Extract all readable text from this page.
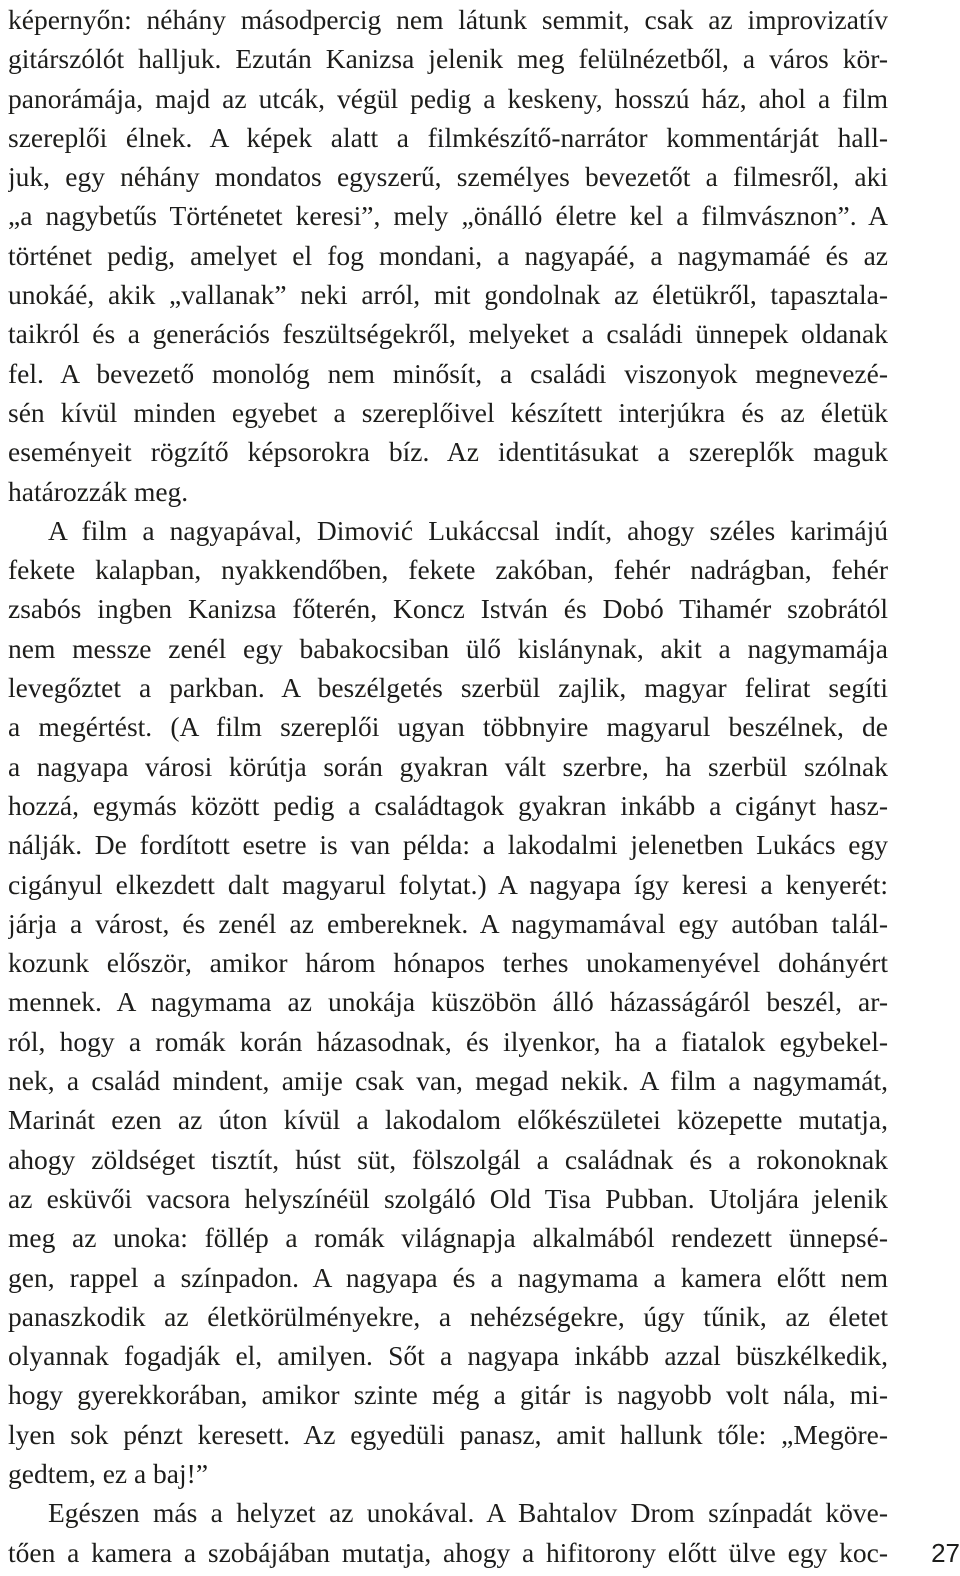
képernyőn: néhány másodpercig nem látunk semmit, csak az improvizatív
gitárszólót halljuk. Ezután Kanizsa jelenik meg felülnézetből, a város kör-
panorámája, majd az utcák, végül pedig a keskeny, hosszú ház, ahol a film
szereplői élnek. A képek alatt a filmkészítő-narrátor kommentárját hall-
juk, egy néhány mondatos egyszerű, személyes bevezetőt a filmesről, aki
„a nagybetűs Történetet keresi”, mely „önálló életre kel a filmvásznon”. A
történet pedig, amelyet el fog mondani, a nagyapáé, a nagymamáé és az
unokáé, akik „vallanak” neki arról, mit gondolnak az életükről, tapasztala-
taikról és a generációs feszültségekről, melyeket a családi ünnepek oldanak
fel. A bevezető monológ nem minősít, a családi viszonyok megnevezé-
sén kívül minden egyebet a szereplőivel készített interjúkra és az életük
eseményeit rögzítő képsorokra bíz. Az identitásukat a szereplők maguk
határozzák meg.
A film a nagyapával, Dimović Lukáccsal indít, ahogy széles karimájú
fekete kalapban, nyakkendőben, fekete zakóban, fehér nadrágban, fehér
zsabós ingben Kanizsa főterén, Koncz István és Dobó Tihamér szobrától
nem messze zenél egy babakocsiban ülő kislánynak, akit a nagymamája
levegőztet a parkban. A beszélgetés szerbül zajlik, magyar felirat segíti
a megértést. (A film szereplői ugyan többnyire magyarul beszélnek, de
a nagyapa városi körútja során gyakran vált szerbre, ha szerbül szólnak
hozzá, egymás között pedig a családtagok gyakran inkább a cigányt hasz-
nálják. De fordított esetre is van példa: a lakodalmi jelenetben Lukács egy
cigányul elkezdett dalt magyarul folytat.) A nagyapa így keresi a kenyerét:
járja a várost, és zenél az embereknek. A nagymamával egy autóban talál-
kozunk először, amikor három hónapos terhes unokamenyével dohányért
mennek. A nagymama az unokája küszöbön álló házasságáról beszél, ar-
ról, hogy a romák korán házasodnak, és ilyenkor, ha a fiatalok egybekel-
nek, a család mindent, amije csak van, megad nekik. A film a nagymamát,
Marinát ezen az úton kívül a lakodalom előkészületei közepette mutatja,
ahogy zöldséget tisztít, húst süt, fölszolgál a családnak és a rokonoknak
az esküvői vacsora helyszínéül szolgáló Old Tisa Pubban. Utoljára jelenik
meg az unoka: föllép a romák világnapja alkalmából rendezett ünnepsé-
gen, rappel a színpadon. A nagyapa és a nagymama a kamera előtt nem
panaszkodik az életkörülményekre, a nehézségekre, úgy tűnik, az életet
olyannak fogadják el, amilyen. Sőt a nagyapa inkább azzal büszkélkedik,
hogy gyerekkorában, amikor szinte még a gitár is nagyobb volt nála, mi-
lyen sok pénzt keresett. Az egyedüli panasz, amit hallunk tőle: „Megöre-
gedtem, ez a baj!”
Egészen más a helyzet az unokával. A Bahtalov Drom színpadát köve-
tően a kamera a szobájában mutatja, ahogy a hifitorony előtt ülve egy koc- 27
